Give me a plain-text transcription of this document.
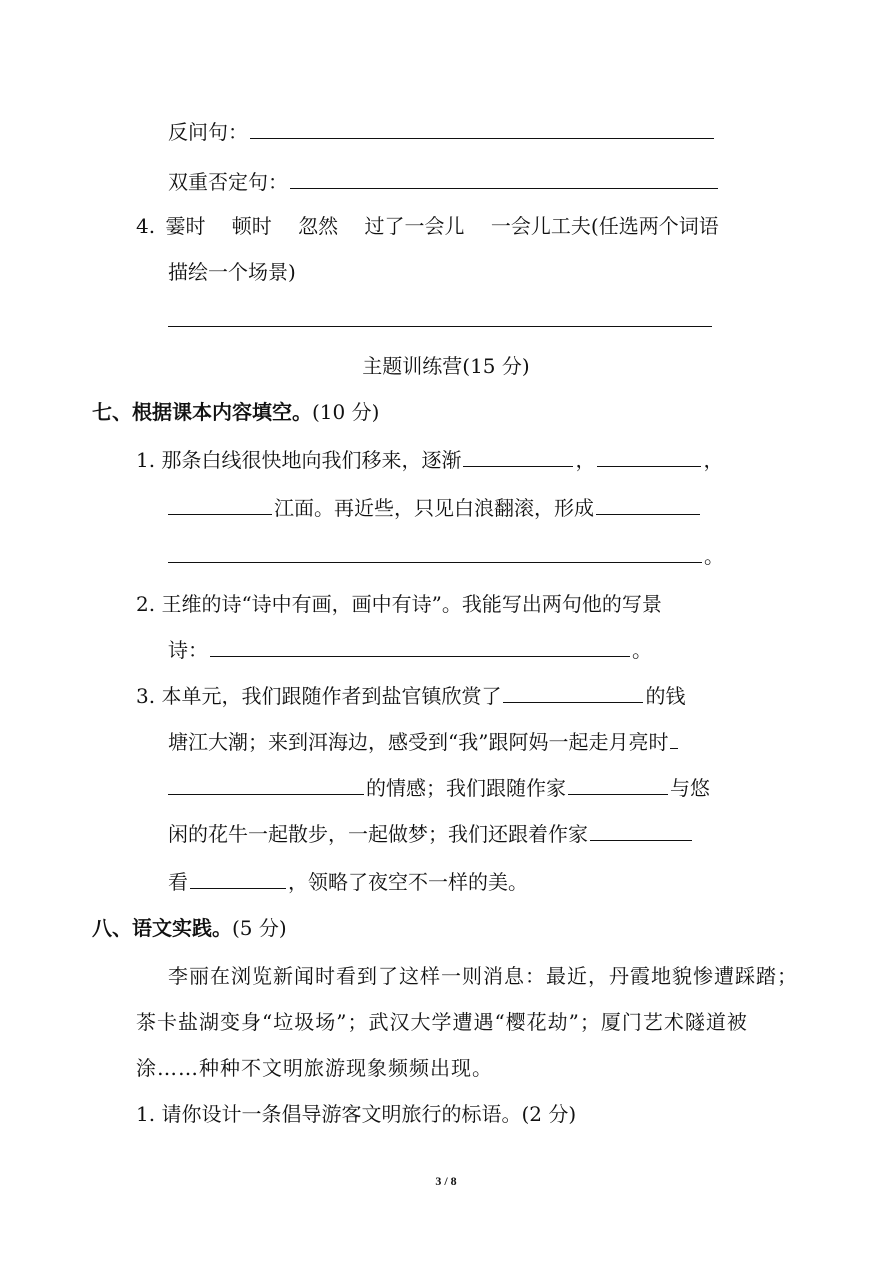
反问句：
双重否定句：
4. 霎时　 顿时　 忽然　 过了一会儿　 一会儿工夫(任选两个词语
描绘一个场景)
主题训练营(15 分)
七、根据课本内容填空。(10 分)
1. 那条白线很快地向我们移来，逐渐	，	，
江面。再近些，只见白浪翻滚，形成
。
2. 王维的诗“诗中有画，画中有诗”。我能写出两句他的写景
诗：	。
3. 本单元，我们跟随作者到盐官镇欣赏了	的钱
塘江大潮；来到洱海边，感受到“我”跟阿妈一起走月亮时
的情感；我们跟随作家	与悠
闲的花牛一起散步，一起做梦；我们还跟着作家
看	，领略了夜空不一样的美。
八、语文实践。(5 分)
李丽在浏览新闻时看到了这样一则消息：最近，丹霞地貌惨遭踩踏；
茶卡盐湖变身“垃圾场”；武汉大学遭遇“樱花劫”；厦门艺术隧道被
涂……种种不文明旅游现象频频出现。
1. 请你设计一条倡导游客文明旅行的标语。(2 分)
3 / 8
